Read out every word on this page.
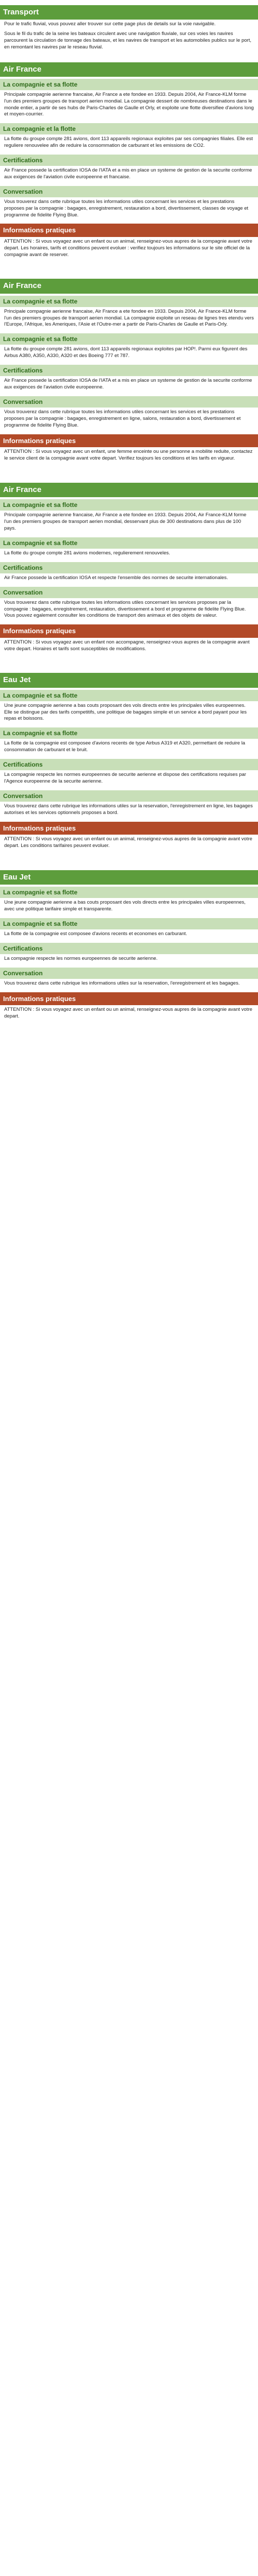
Transport

Pour le trafic fluvial, vous pouvez aller trouver sur cette page plus de details sur la voie navigable.

Sous le fil du trafic de la seine les bateaux circulent avec une navigation fluviale, sur ces voies les navires parcourent la circulation de tonnage des bateaux, et les navires de transport et les automobiles publics sur le port, en remontant les navires par le reseau fluvial.

Air France
La compagnie et sa flotte
Principale compagnie aerienne francaise, Air France a ete fondee en 1933. Depuis 2004, Air France-KLM forme l'un des premiers groupes de transport aerien mondial. La compagnie dessert de nombreuses destinations dans le monde entier, a partir de ses hubs de Paris-Charles de Gaulle et Orly, et exploite une flotte diversifiee d'avions long et moyen-courrier.
La compagnie et la flotte
La flotte du groupe compte 281 avions, dont 113 appareils regionaux exploites par ses compagnies filiales. Elle est reguliere renouvelee afin de reduire la consommation de carburant et les emissions de CO2.
Certifications
Air France possede la certification IOSA de l'IATA et a mis en place un systeme de gestion de la securite conforme aux exigences de l'aviation civile europeenne et francaise.
Conversation
Vous trouverez dans cette rubrique toutes les informations utiles concernant les services et les prestations proposes par la compagnie : bagages, enregistrement, restauration a bord, divertissement, classes de voyage et programme de fidelite Flying Blue.
Informations pratiques
ATTENTION : Si vous voyagez avec un enfant ou un animal, renseignez-vous aupres de la compagnie avant votre depart. Les horaires, tarifs et conditions peuvent evoluer : verifiez toujours les informations sur le site officiel de la compagnie avant de reserver.
Air France
La compagnie et sa flotte
Principale compagnie aerienne francaise, Air France a ete fondee en 1933. Depuis 2004, Air France-KLM forme l'un des premiers groupes de transport aerien mondial. La compagnie exploite un reseau de lignes tres etendu vers l'Europe, l'Afrique, les Ameriques, l'Asie et l'Outre-mer a partir de Paris-Charles de Gaulle et Paris-Orly.
La compagnie et sa flotte
La flotte du groupe compte 281 avions, dont 113 appareils regionaux exploites par HOP!. Parmi eux figurent des Airbus A380, A350, A330, A320 et des Boeing 777 et 787.
Certifications
Air France possede la certification IOSA de l'IATA et a mis en place un systeme de gestion de la securite conforme aux exigences de l'aviation civile europeenne.
Conversation
Vous trouverez dans cette rubrique toutes les informations utiles concernant les services et les prestations proposes par la compagnie : bagages, enregistrement en ligne, salons, restauration a bord, divertissement et programme de fidelite Flying Blue.
Informations pratiques
ATTENTION : Si vous voyagez avec un enfant, une femme enceinte ou une personne a mobilite reduite, contactez le service client de la compagnie avant votre depart. Verifiez toujours les conditions et les tarifs en vigueur.
Air France
La compagnie et sa flotte
Principale compagnie aerienne francaise, Air France a ete fondee en 1933. Depuis 2004, Air France-KLM forme l'un des premiers groupes de transport aerien mondial, desservant plus de 300 destinations dans plus de 100 pays.
La compagnie et sa flotte
La flotte du groupe compte 281 avions modernes, regulierement renouveles.
Certifications
Air France possede la certification IOSA et respecte l'ensemble des normes de securite internationales.
Conversation
Vous trouverez dans cette rubrique toutes les informations utiles concernant les services proposes par la compagnie : bagages, enregistrement, restauration, divertissement a bord et programme de fidelite Flying Blue. Vous pouvez egalement consulter les conditions de transport des animaux et des objets de valeur.
Informations pratiques
ATTENTION : Si vous voyagez avec un enfant non accompagne, renseignez-vous aupres de la compagnie avant votre depart. Horaires et tarifs sont susceptibles de modifications.
Eau Jet
La compagnie et sa flotte
Une jeune compagnie aerienne a bas couts proposant des vols directs entre les principales villes europeennes. Elle se distingue par des tarifs competitifs, une politique de bagages simple et un service a bord payant pour les repas et boissons.
La compagnie et sa flotte
La flotte de la compagnie est composee d'avions recents de type Airbus A319 et A320, permettant de reduire la consommation de carburant et le bruit.
Certifications
La compagnie respecte les normes europeennes de securite aerienne et dispose des certifications requises par l'Agence europeenne de la securite aerienne.
Conversation
Vous trouverez dans cette rubrique les informations utiles sur la reservation, l'enregistrement en ligne, les bagages autorises et les services optionnels proposes a bord.
Informations pratiques
ATTENTION : Si vous voyagez avec un enfant ou un animal, renseignez-vous aupres de la compagnie avant votre depart. Les conditions tarifaires peuvent evoluer.
Eau Jet
La compagnie et sa flotte
Une jeune compagnie aerienne a bas couts proposant des vols directs entre les principales villes europeennes, avec une politique tarifaire simple et transparente.
La compagnie et sa flotte
La flotte de la compagnie est composee d'avions recents et economes en carburant.
Certifications
La compagnie respecte les normes europeennes de securite aerienne.
Conversation
Vous trouverez dans cette rubrique les informations utiles sur la reservation, l'enregistrement et les bagages.
Informations pratiques
ATTENTION : Si vous voyagez avec un enfant ou un animal, renseignez-vous aupres de la compagnie avant votre depart.
